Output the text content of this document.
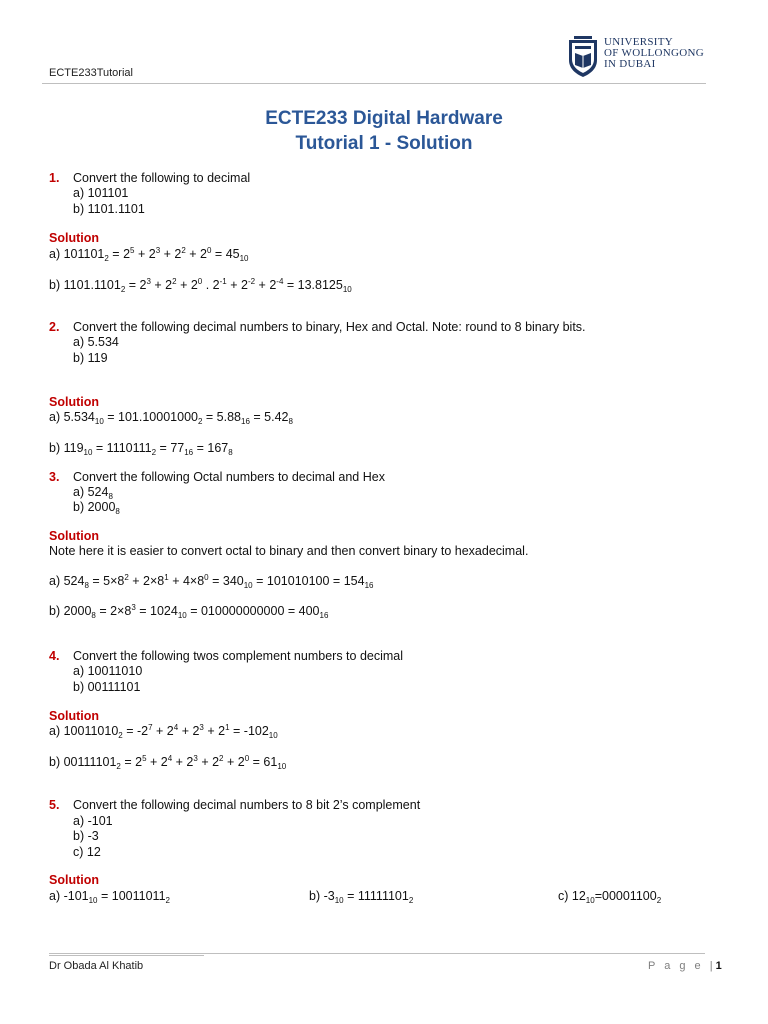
UNIVERSITY
OF WOLLONGONG
IN DUBAI
ECTE233Tutorial
ECTE233 Digital Hardware
Tutorial 1 - Solution
1. Convert the following to decimal
a) 101101
b) 1101.1101
Solution
a) $101101_2 = 2^5 + 2^3 + 2^2 + 2^0 = 45_{10}$
b) $1101.1101_2 = 2^3 + 2^2 + 2^0$ . $2^{-1} + 2^{-2} + 2^{-4} = 13.8125_{10}$
2. Convert the following decimal numbers to binary, Hex and Octal. Note: round to 8 binary bits.
a) 5.534
b) 119
Solution
a) $5.534_{10} = 101.10001000_2 = 5.88_{16} = 5.42_8$
b) $119_{10} = 1110111_2 = 77_{16} = 167_8$
3. Convert the following Octal numbers to decimal and Hex
a) $524_8$
b) $2000_8$
Solution
Note here it is easier to convert octal to binary and then convert binary to hexadecimal.
a) $524_8 = 5\times 8^2 + 2\times 8^1 + 4\times 8^0 = 340_{10} = 101010100 = 154_{16}$
b) $2000_8 = 2\times 8^3 = 1024_{10} = 010000000000 = 400_{16}$
4. Convert the following twos complement numbers to decimal
a) 10011010
b) 00111101
Solution
a) $10011010_2 = -2^7 + 2^4 + 2^3 + 2^1 = -102_{10}$
b) $00111101_2 = 2^5 + 2^4 + 2^3 + 2^2 + 2^0 = 61_{10}$
5. Convert the following decimal numbers to 8 bit 2’s complement
a) -101
b) -3
c) 12
Solution
a) $-101_{10} = 10011011_2$	b) $-3_{10} = 11111101_2$	c) $12_{10}=00001100_2$
Dr Obada Al Khatib	P a g e |1
